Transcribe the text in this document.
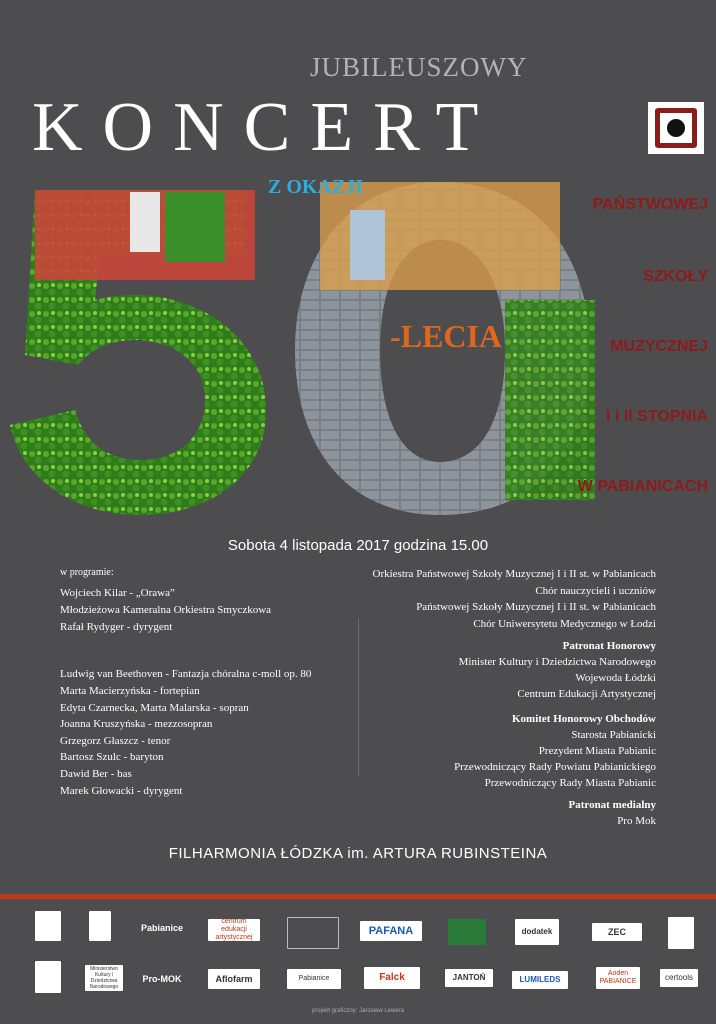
JUBILEUSZOWY
KONCERT
Z OKAZJI
-LECIA
PAŃSTWOWEJ
SZKOŁY
MUZYCZNEJ
I i II STOPNIA
W PABIANICACH
Sobota 4 listopada 2017 godzina 15.00
w programie:
Wojciech Kilar - „Orawa”
Młodzieżowa Kameralna Orkiestra Smyczkowa
Rafał Rydyger - dyrygent
Ludwig van Beethoven - Fantazja chóralna c-moll op. 80
Marta Macierzyńska - fortepian
Edyta Czarnecka, Marta Malarska - sopran
Joanna Kruszyńska - mezzosopran
Grzegorz Głaszcz - tenor
Bartosz Szulc - baryton
Dawid Ber - bas
Marek Głowacki - dyrygent
Orkiestra Państwowej Szkoły Muzycznej I i II st. w Pabianicach
Chór nauczycieli i uczniów
Państwowej Szkoły Muzycznej I i II st. w Pabianicach
Chór Uniwersytetu Medycznego w Łodzi
Patronat Honorowy
Minister Kultury i Dziedzictwa Narodowego
Wojewoda Łódzki
Centrum Edukacji Artystycznej
Komitet Honorowy Obchodów
Starosta Pabianicki
Prezydent Miasta Pabianic
Przewodniczący Rady Powiatu Pabianickiego
Przewodniczący Rady Miasta Pabianic
Patronat medialny
Pro Mok
FILHARMONIA ŁÓDZKA im. ARTURA RUBINSTEINA
Pabianice
centrum edukacji artystycznej
PAFANA	dodatek	ZEC
Ministerstwo Kultury i Dziedzictwa Narodowego
Pro-MOK	Aflofarm	Pabianice	Falck	JANTOŃ	LUMILEDS
Aoden PABIANICE	certools
projekt graficzny: Jarosław Lewera
